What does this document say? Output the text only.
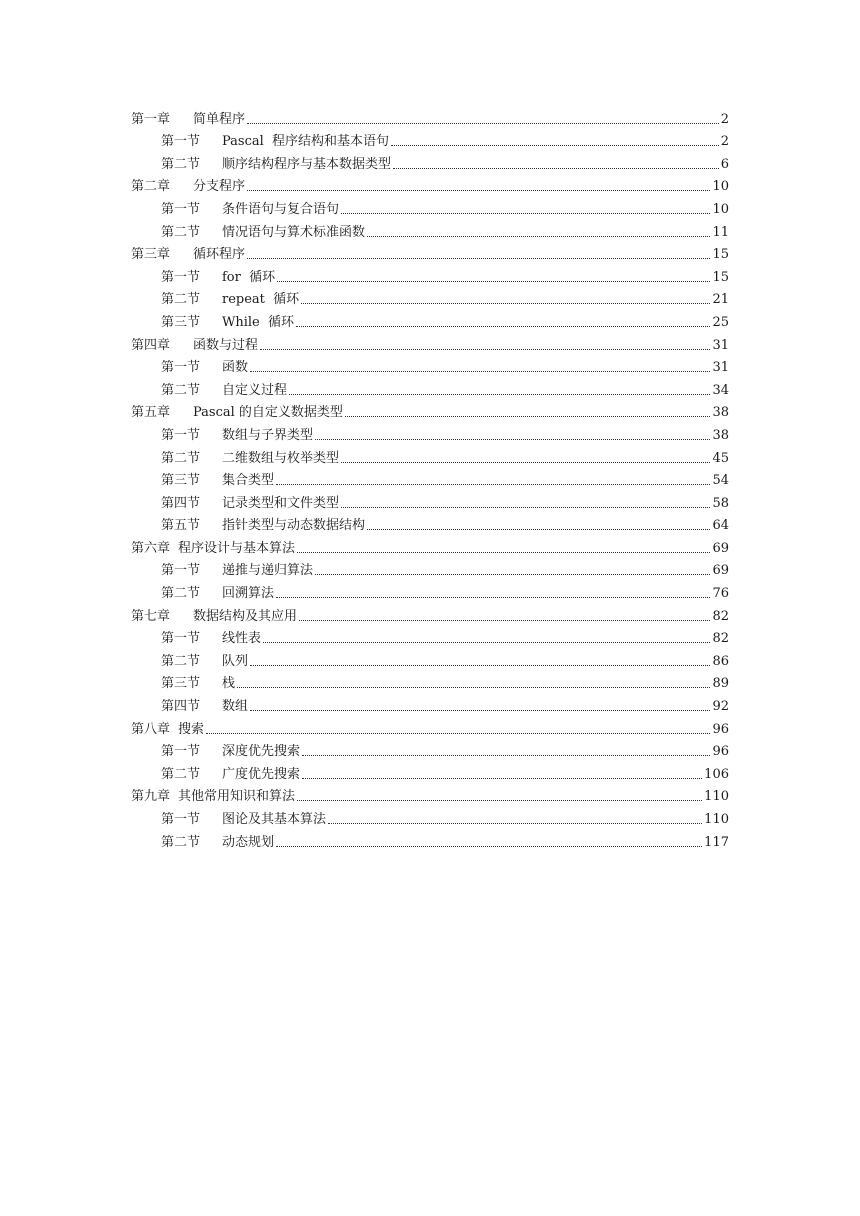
第一章 简单程序	2
第一节 Pascal  程序结构和基本语句	2
第二节 顺序结构程序与基本数据类型	6
第二章 分支程序	10
第一节 条件语句与复合语句	10
第二节 情况语句与算术标准函数	11
第三章 循环程序	15
第一节 for  循环	15
第二节 repeat  循环	21
第三节 While  循环	25
第四章 函数与过程	31
第一节 函数	31
第二节 自定义过程	34
第五章 Pascal 的自定义数据类型	38
第一节 数组与子界类型	38
第二节 二维数组与枚举类型	45
第三节 集合类型	54
第四节 记录类型和文件类型	58
第五节 指针类型与动态数据结构	64
第六章 程序设计与基本算法	69
第一节 递推与递归算法	69
第二节 回溯算法	76
第七章 数据结构及其应用	82
第一节 线性表	82
第二节 队列	86
第三节 栈	89
第四节 数组	92
第八章 搜索	96
第一节 深度优先搜索	96
第二节 广度优先搜索	106
第九章 其他常用知识和算法	110
第一节 图论及其基本算法	110
第二节 动态规划	117
